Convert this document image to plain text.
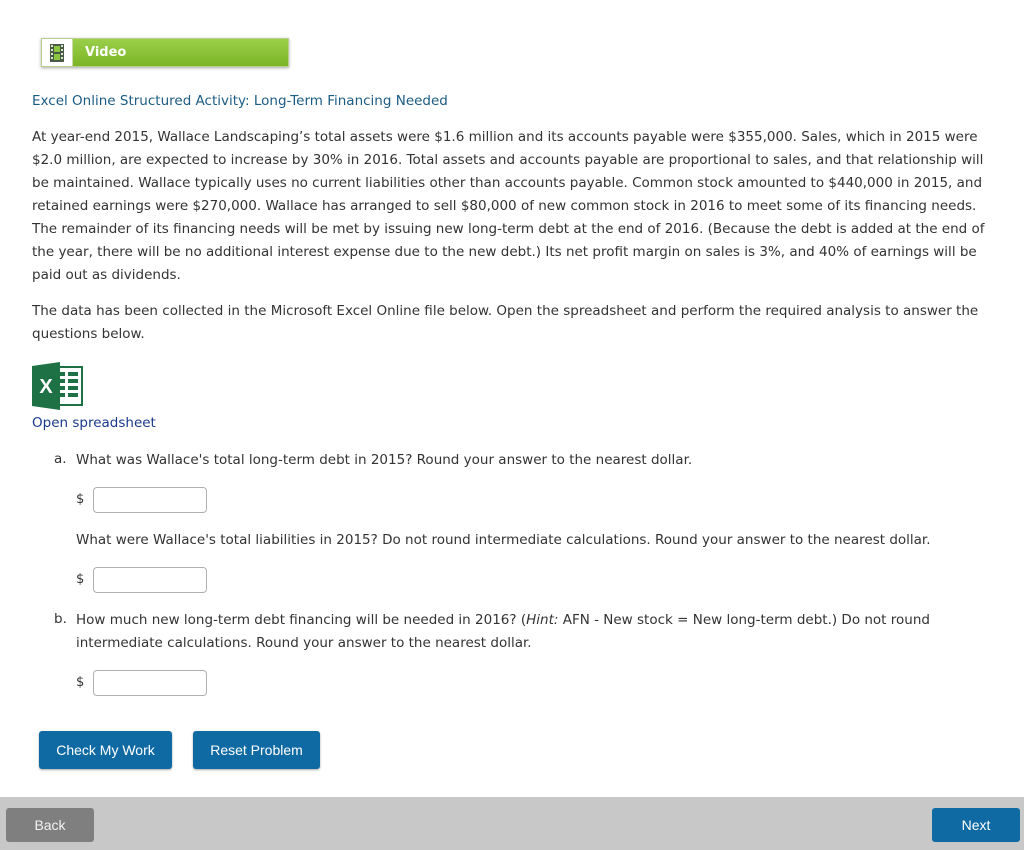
Video
Excel Online Structured Activity: Long-Term Financing Needed

At year-end 2015, Wallace Landscaping’s total assets were $1.6 million and its accounts payable were $355,000. Sales, which in 2015 were $2.0 million, are expected to increase by 30% in 2016. Total assets and accounts payable are proportional to sales, and that relationship will be maintained. Wallace typically uses no current liabilities other than accounts payable. Common stock amounted to $440,000 in 2015, and retained earnings were $270,000. Wallace has arranged to sell $80,000 of new common stock in 2016 to meet some of its financing needs. The remainder of its financing needs will be met by issuing new long-term debt at the end of 2016. (Because the debt is added at the end of the year, there will be no additional interest expense due to the new debt.) Its net profit margin on sales is 3%, and 40% of earnings will be paid out as dividends.

The data has been collected in the Microsoft Excel Online file below. Open the spreadsheet and perform the required analysis to answer the questions below.

X
Open spreadsheet
a. What was Wallace's total long-term debt in 2015? Round your answer to the nearest dollar.

$

What were Wallace's total liabilities in 2015? Do not round intermediate calculations. Round your answer to the nearest dollar.

$
b. How much new long-term debt financing will be needed in 2016? (Hint: AFN - New stock = New long-term debt.) Do not round intermediate calculations. Round your answer to the nearest dollar.

$
Check My Work	Reset Problem
Back	Next
